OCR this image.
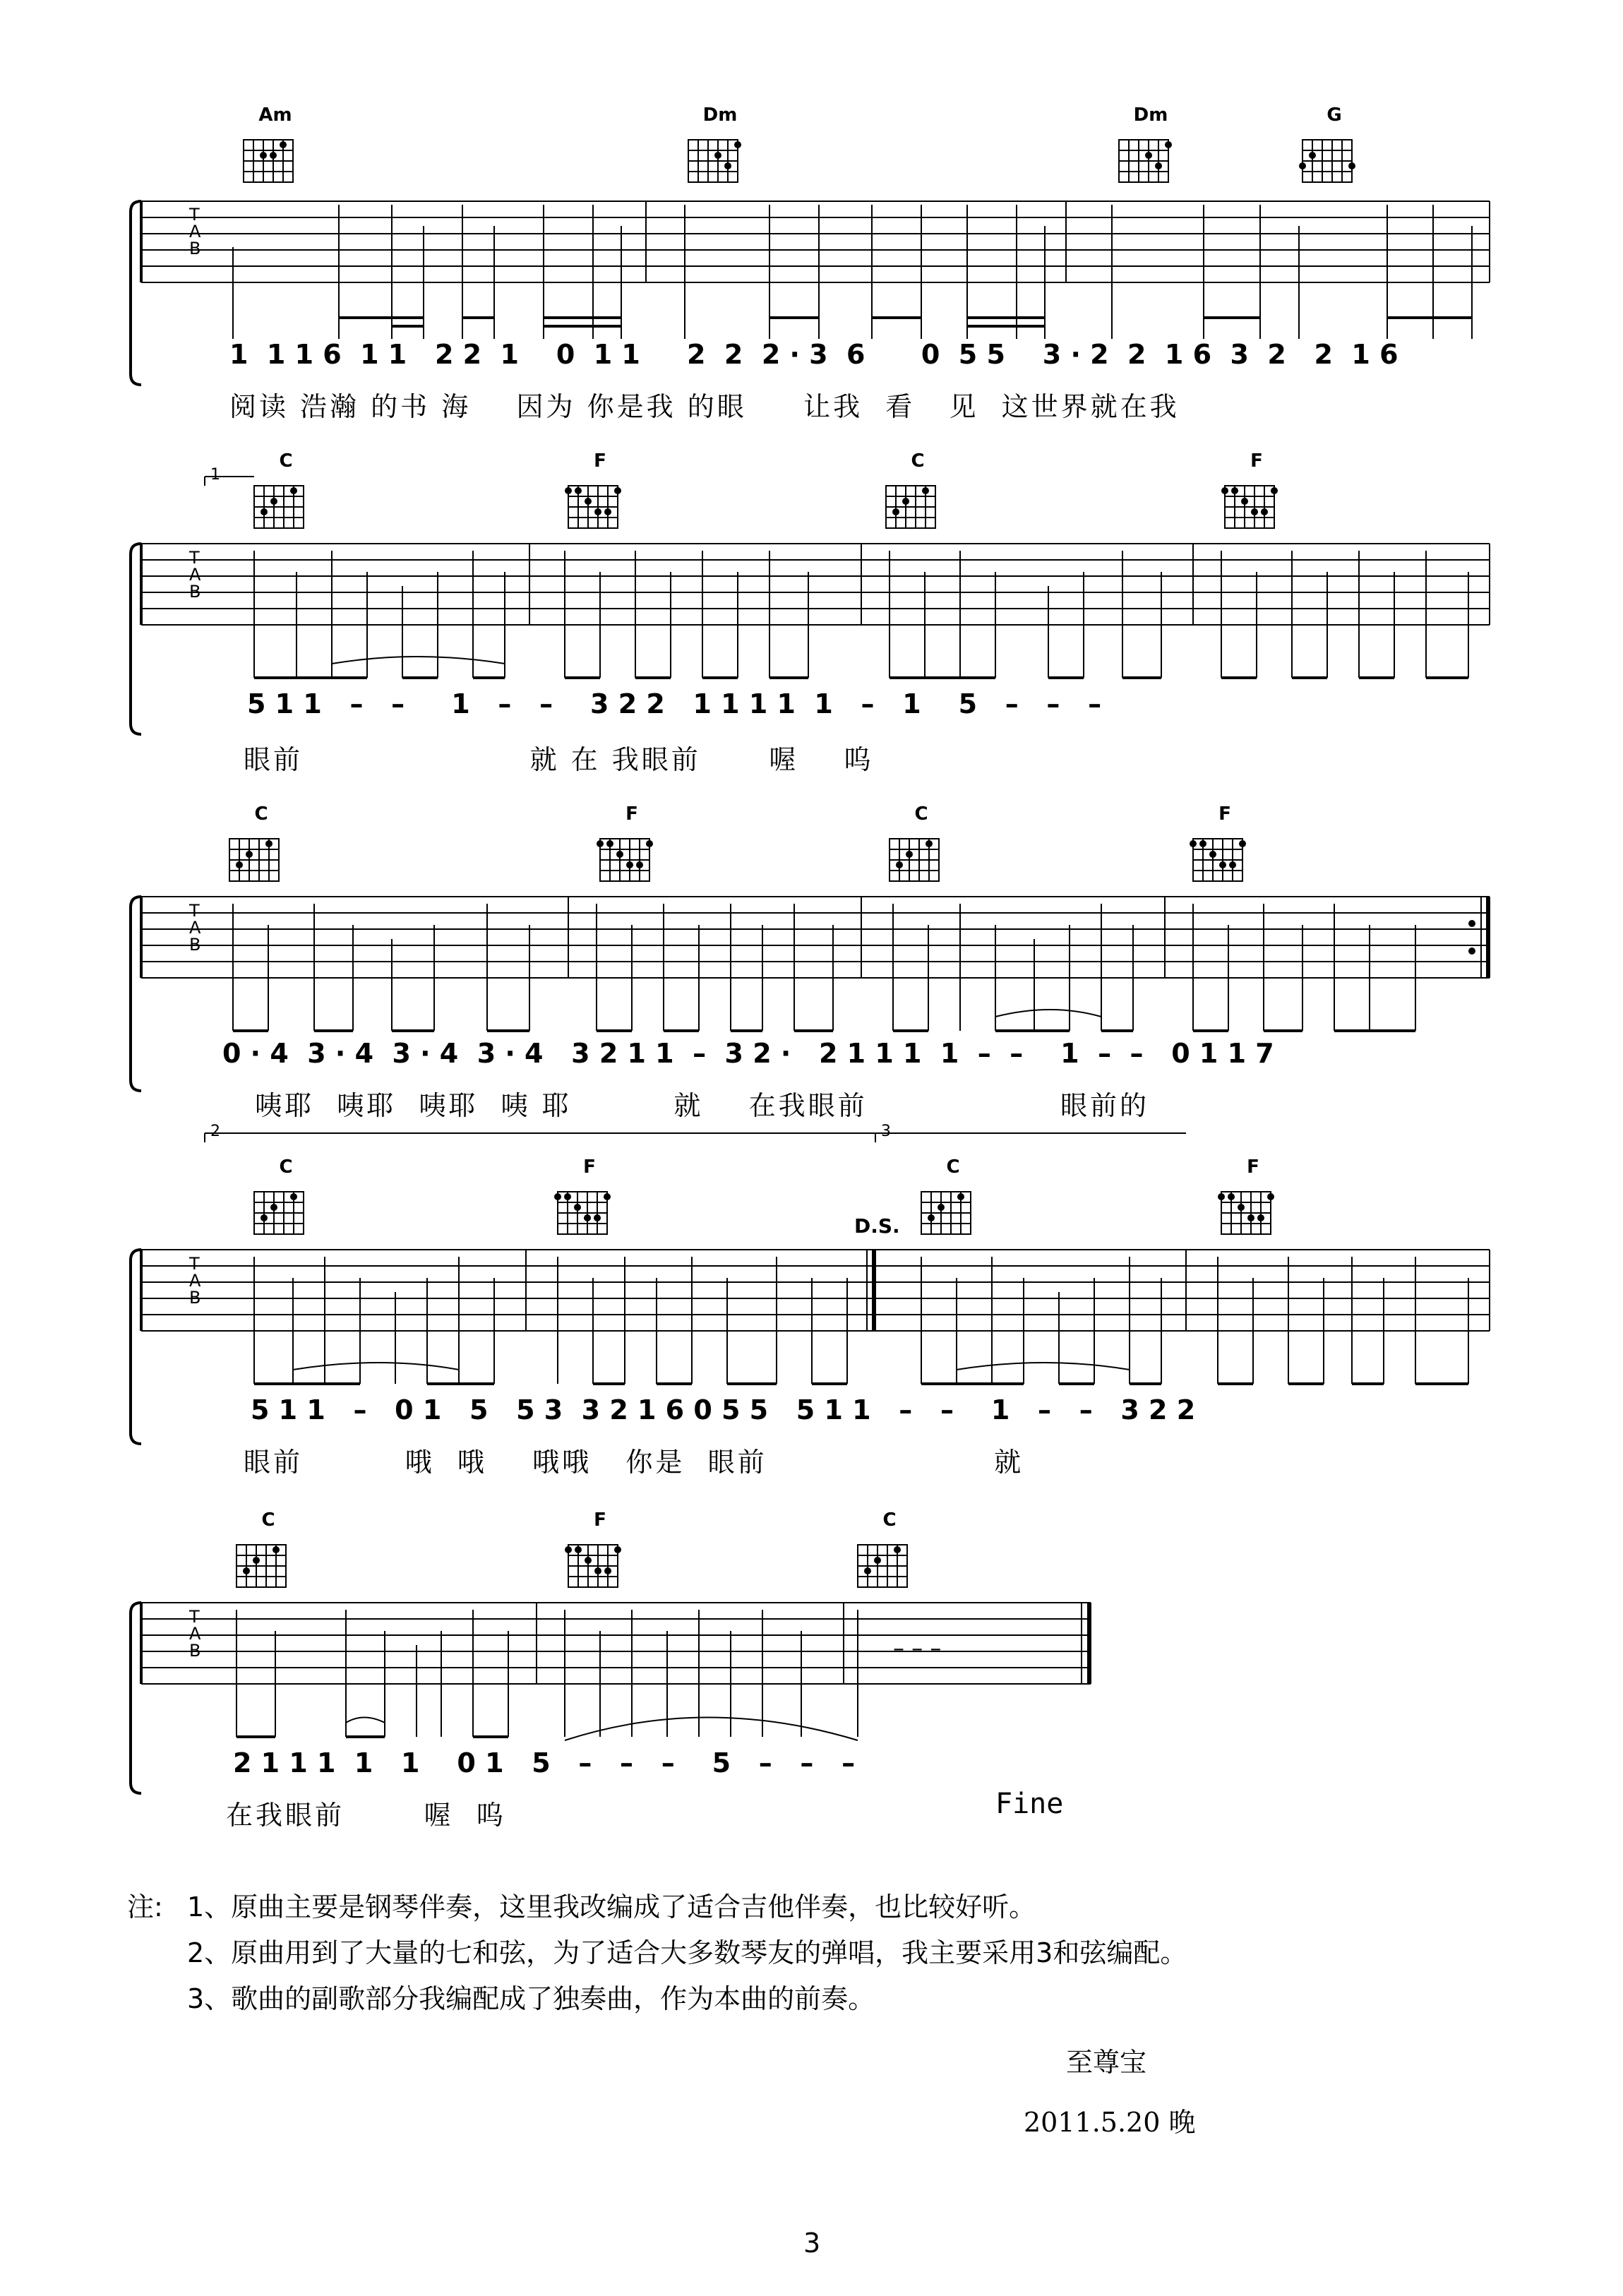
T
A
B
Am	Dm	Dm	G
1  1 1 6  1 1   2 2  1    0  1 1     2  2  2 · 3  6      0  5 5    3 · 2  2  1 6  3  2   2  1 6
阅读 浩瀚 的书 海    因为 你是我 的眼     让我  看   见  这世界就在我
1
T
A
B
C	F	C	F
5 1 1   –   –     1   –   –    3 2 2   1 1 1 1  1   –   1    5   –   –   –
眼前                    就 在 我眼前      喔    呜
T
A
B
C	F	C	F
0 · 4  3 · 4  3 · 4  3 · 4   3 2 1 1  –  3 2 ·   2 1 1 1  1  –  –    1  –  –   0 1 1 7
咦耶  咦耶  咦耶  咦 耶         就    在我眼前                 眼前的
2	3
D.S.
T
A
B
C	F	C	F
5 1 1   –   0 1   5   5 3  3 2 1 6 0 5 5   5 1 1   –   –    1   –   –   3 2 2
眼前         哦  哦    哦哦   你是  眼前                    就
– – –
T
A
B
C	F	C
2 1 1 1  1   1    0 1   5   –   –   –    5   –   –   –
在我眼前       喔  呜	Fine
注: 1、原曲主要是钢琴伴奏，这里我改编成了适合吉他伴奏，也比较好听。
2、原曲用到了大量的七和弦，为了适合大多数琴友的弹唱，我主要采用3和弦编配。
3、歌曲的副歌部分我编配成了独奏曲，作为本曲的前奏。
至尊宝
2011.5.20 晚
3
